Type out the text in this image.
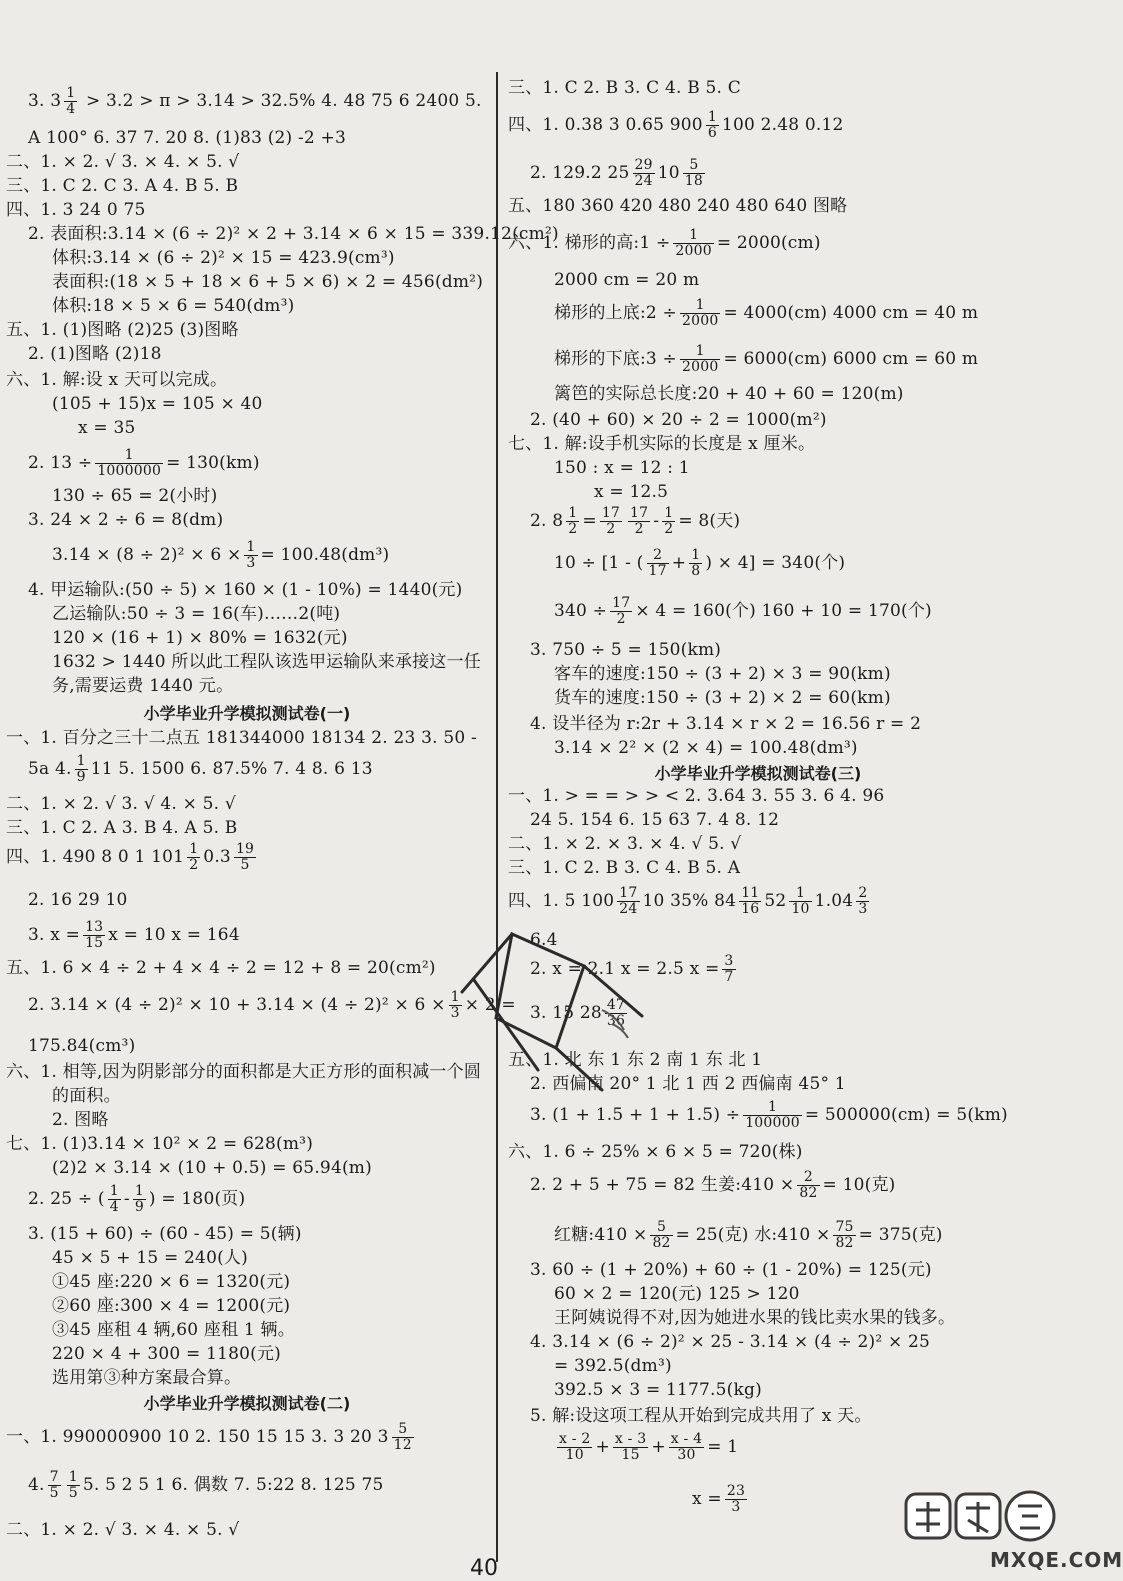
3. $3 \frac{1}{4} > 3.2 > \pi > 3.14 > 32.5\%$ 4. 48 75 6 2400 5.
A 100° 6. 37 7. 20 8. (1)83 (2) -2 +3
二、1. × 2. √ 3. × 4. × 5. √
三、1. C 2. C 3. A 4. B 5. B
四、1. 3 24 0 75
2. 表面积:3.14 × (6 ÷ 2)² × 2 + 3.14 × 6 × 15 = 339.12(cm²)
体积:3.14 × (6 ÷ 2)² × 15 = 423.9(cm³)
表面积:(18 × 5 + 18 × 6 + 5 × 6) × 2 = 456(dm²)
体积:18 × 5 × 6 = 540(dm³)
五、1. (1)图略 (2)25 (3)图略
2. (1)图略 (2)18
六、1. 解:设 x 天可以完成。
(105 + 15)x = 105 × 40
x = 35
2. $13 \div \frac{1}{1000000} = 130(km)$
130 ÷ 65 = 2(小时)
3. 24 × 2 ÷ 6 = 8(dm)
$3.14 \times (8 \div 2)^2 \times 6 \times \frac{1}{3} = 100.48(dm^3)$
4. 甲运输队:(50 ÷ 5) × 160 × (1 - 10%) = 1440(元)
乙运输队:50 ÷ 3 = 16(车)……2(吨)
120 × (16 + 1) × 80% = 1632(元)
1632 > 1440 所以此工程队该选甲运输队来承接这一任
务,需要运费 1440 元。
小学毕业升学模拟测试卷(一)
一、1. 百分之三十二点五 181344000 18134 2. 23 3. 50 -
5a 4. $\frac{1}{9} 11$ 5. 1500 6. 87.5% 7. 4 8. 6 13
二、1. × 2. √ 3. √ 4. × 5. √
三、1. C 2. A 3. B 4. A 5. B
四、1. 490 8 0 1 $101 \frac{1}{2} 0.3 \frac{19}{5}$
2. 16 29 10
3. $x = \frac{13}{15}$ x = 10 x = 164
五、1. 6 × 4 ÷ 2 + 4 × 4 ÷ 2 = 12 + 8 = 20(cm²)
2. $3.14 \times (4 \div 2)^2 \times 10 + 3.14 \times (4 \div 2)^2 \times 6 \times \frac{1}{3} \times 2$ =
175.84(cm³)
六、1. 相等,因为阴影部分的面积都是大正方形的面积减一个圆
的面积。
2. 图略
七、1. (1)3.14 × 10² × 2 = 628(m³)
(2)2 × 3.14 × (10 + 0.5) = 65.94(m)
2. 25 ÷ ( $\frac{1}{4} - \frac{1}{9}$ ) = 180(页)
3. (15 + 60) ÷ (60 - 45) = 5(辆)
45 × 5 + 15 = 240(人)
①45 座:220 × 6 = 1320(元)
②60 座:300 × 4 = 1200(元)
③45 座租 4 辆,60 座租 1 辆。
220 × 4 + 300 = 1180(元)
选用第③种方案最合算。
小学毕业升学模拟测试卷(二)
一、1. 990000900 10 2. 150 15 15 3. 3 20 $3 \frac{5}{12}$
4. $\frac{7}{5} \frac{1}{5} 5$. 5 2 5 1 6. 偶数 7. 5:22 8. 125 75
二、1. × 2. √ 3. × 4. × 5. √
三、1. C 2. B 3. C 4. B 5. C
四、1. 0.38 3 0.65 $900 \frac{1}{6} 100$ 2.48 0.12
2. 129.2 $25 \frac{29}{24} 10 \frac{5}{18}$
五、180 360 420 480 240 480 640 图略
六、1. 梯形的高:1 ÷ $\frac{1}{2000} = 2000(cm)$
2000 cm = 20 m
梯形的上底:2 ÷ $\frac{1}{2000} = 4000(cm)$ 4000 cm = 40 m
梯形的下底:3 ÷ $\frac{1}{2000} = 6000(cm)$ 6000 cm = 60 m
篱笆的实际总长度:20 + 40 + 60 = 120(m)
2. (40 + 60) × 20 ÷ 2 = 1000(m²)
七、1. 解:设手机实际的长度是 x 厘米。
150 : x = 12 : 1
x = 12.5
2. $8 \frac{1}{2} = \frac{17}{2} \frac{17}{2} - \frac{1}{2} = 8$(天)
10 ÷ [1 - ( $\frac{2}{17} + \frac{1}{8}$ ) × 4] = 340(个)
$340 \div \frac{17}{2} \times 4 = 160$(个) 160 + 10 = 170(个)
3. 750 ÷ 5 = 150(km)
客车的速度:150 ÷ (3 + 2) × 3 = 90(km)
货车的速度:150 ÷ (3 + 2) × 2 = 60(km)
4. 设半径为 r:2r + 3.14 × r × 2 = 16.56 r = 2
3.14 × 2² × (2 × 4) = 100.48(dm³)
小学毕业升学模拟测试卷(三)
一、1. > = = > > < 2. 3.64 3. 55 3. 6 4. 96
24 5. 154 6. 15 63 7. 4 8. 12
二、1. × 2. × 3. × 4. √ 5. √
三、1. C 2. B 3. C 4. B 5. A
四、1. 5 $100 \frac{17}{24} 10$ 35% $84 \frac{11}{16} 52 \frac{1}{10} 1.04 \frac{2}{3}$
6.4
2. x = 2.1 x = 2.5 $x = \frac{3}{7}$
3. 15 $28 \frac{47}{36}$
五、1. 北 东 1 东 2 南 1 东 北 1
2. 西偏南 20° 1 北 1 西 2 西偏南 45° 1
3. $(1 + 1.5 + 1 + 1.5) \div \frac{1}{100000} = 500000(cm) = 5(km)$
六、1. 6 ÷ 25% × 6 × 5 = 720(株)
2. 2 + 5 + 75 = 82 生姜:410 × $\frac{2}{82} = 10$(克)
红糖:410 × $\frac{5}{82} = 25$(克) 水:410 × $\frac{75}{82} = 375$(克)
3. 60 ÷ (1 + 20%) + 60 ÷ (1 - 20%) = 125(元)
60 × 2 = 120(元) 125 > 120
王阿姨说得不对,因为她进水果的钱比卖水果的钱多。
4. 3.14 × (6 ÷ 2)² × 25 - 3.14 × (4 ÷ 2)² × 25
= 392.5(dm³)
392.5 × 3 = 1177.5(kg)
5. 解:设这项工程从开始到完成共用了 x 天。
$\frac{x - 2}{10} + \frac{x - 3}{15} + \frac{x - 4}{30} = 1$
$x = \frac{23}{3}$
MXQE.COM
40
